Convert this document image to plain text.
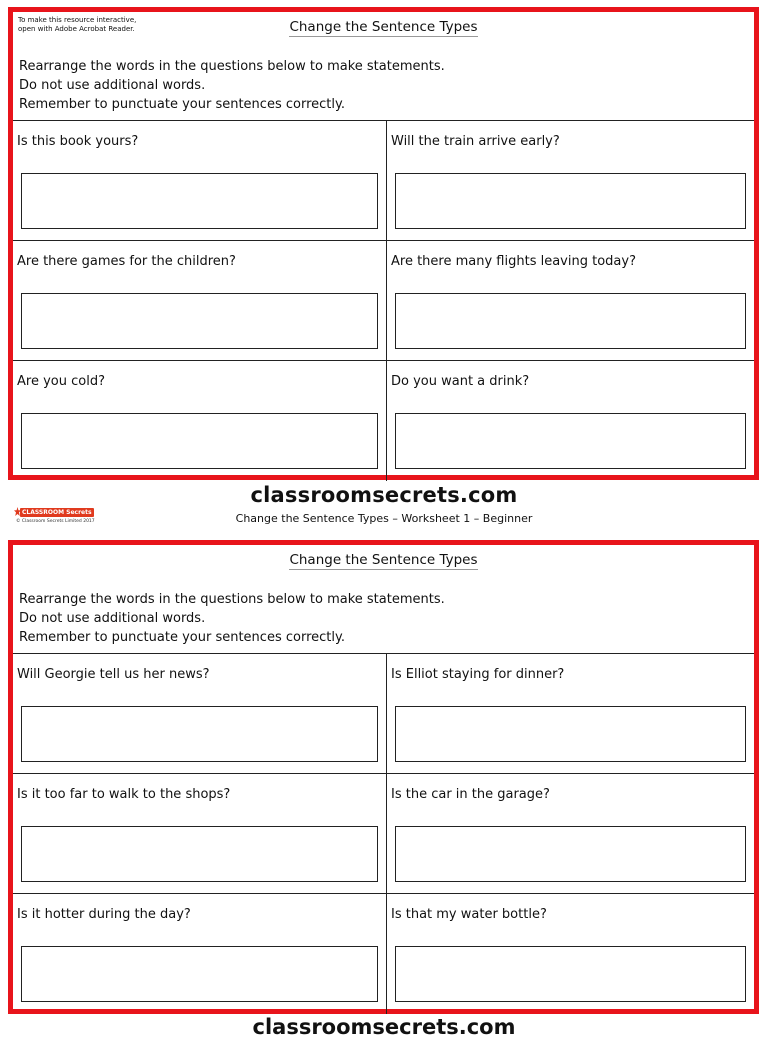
To make this resource interactive,
open with Adobe Acrobat Reader.	Change the Sentence Types
Rearrange the words in the questions below to make statements.
Do not use additional words.
Remember to punctuate your sentences correctly.
Is this book yours?	Will the train arrive early?
Are there games for the children?	Are there many flights leaving today?
Are you cold?	Do you want a drink?
classroomsecrets.com
Change the Sentence Types – Worksheet 1 – Beginner
CLASSROOM Secrets
© Classroom Secrets Limited 2017
Change the Sentence Types
Rearrange the words in the questions below to make statements.
Do not use additional words.
Remember to punctuate your sentences correctly.
Will Georgie tell us her news?	Is Elliot staying for dinner?
Is it too far to walk to the shops?	Is the car in the garage?
Is it hotter during the day?	Is that my water bottle?
classroomsecrets.com
